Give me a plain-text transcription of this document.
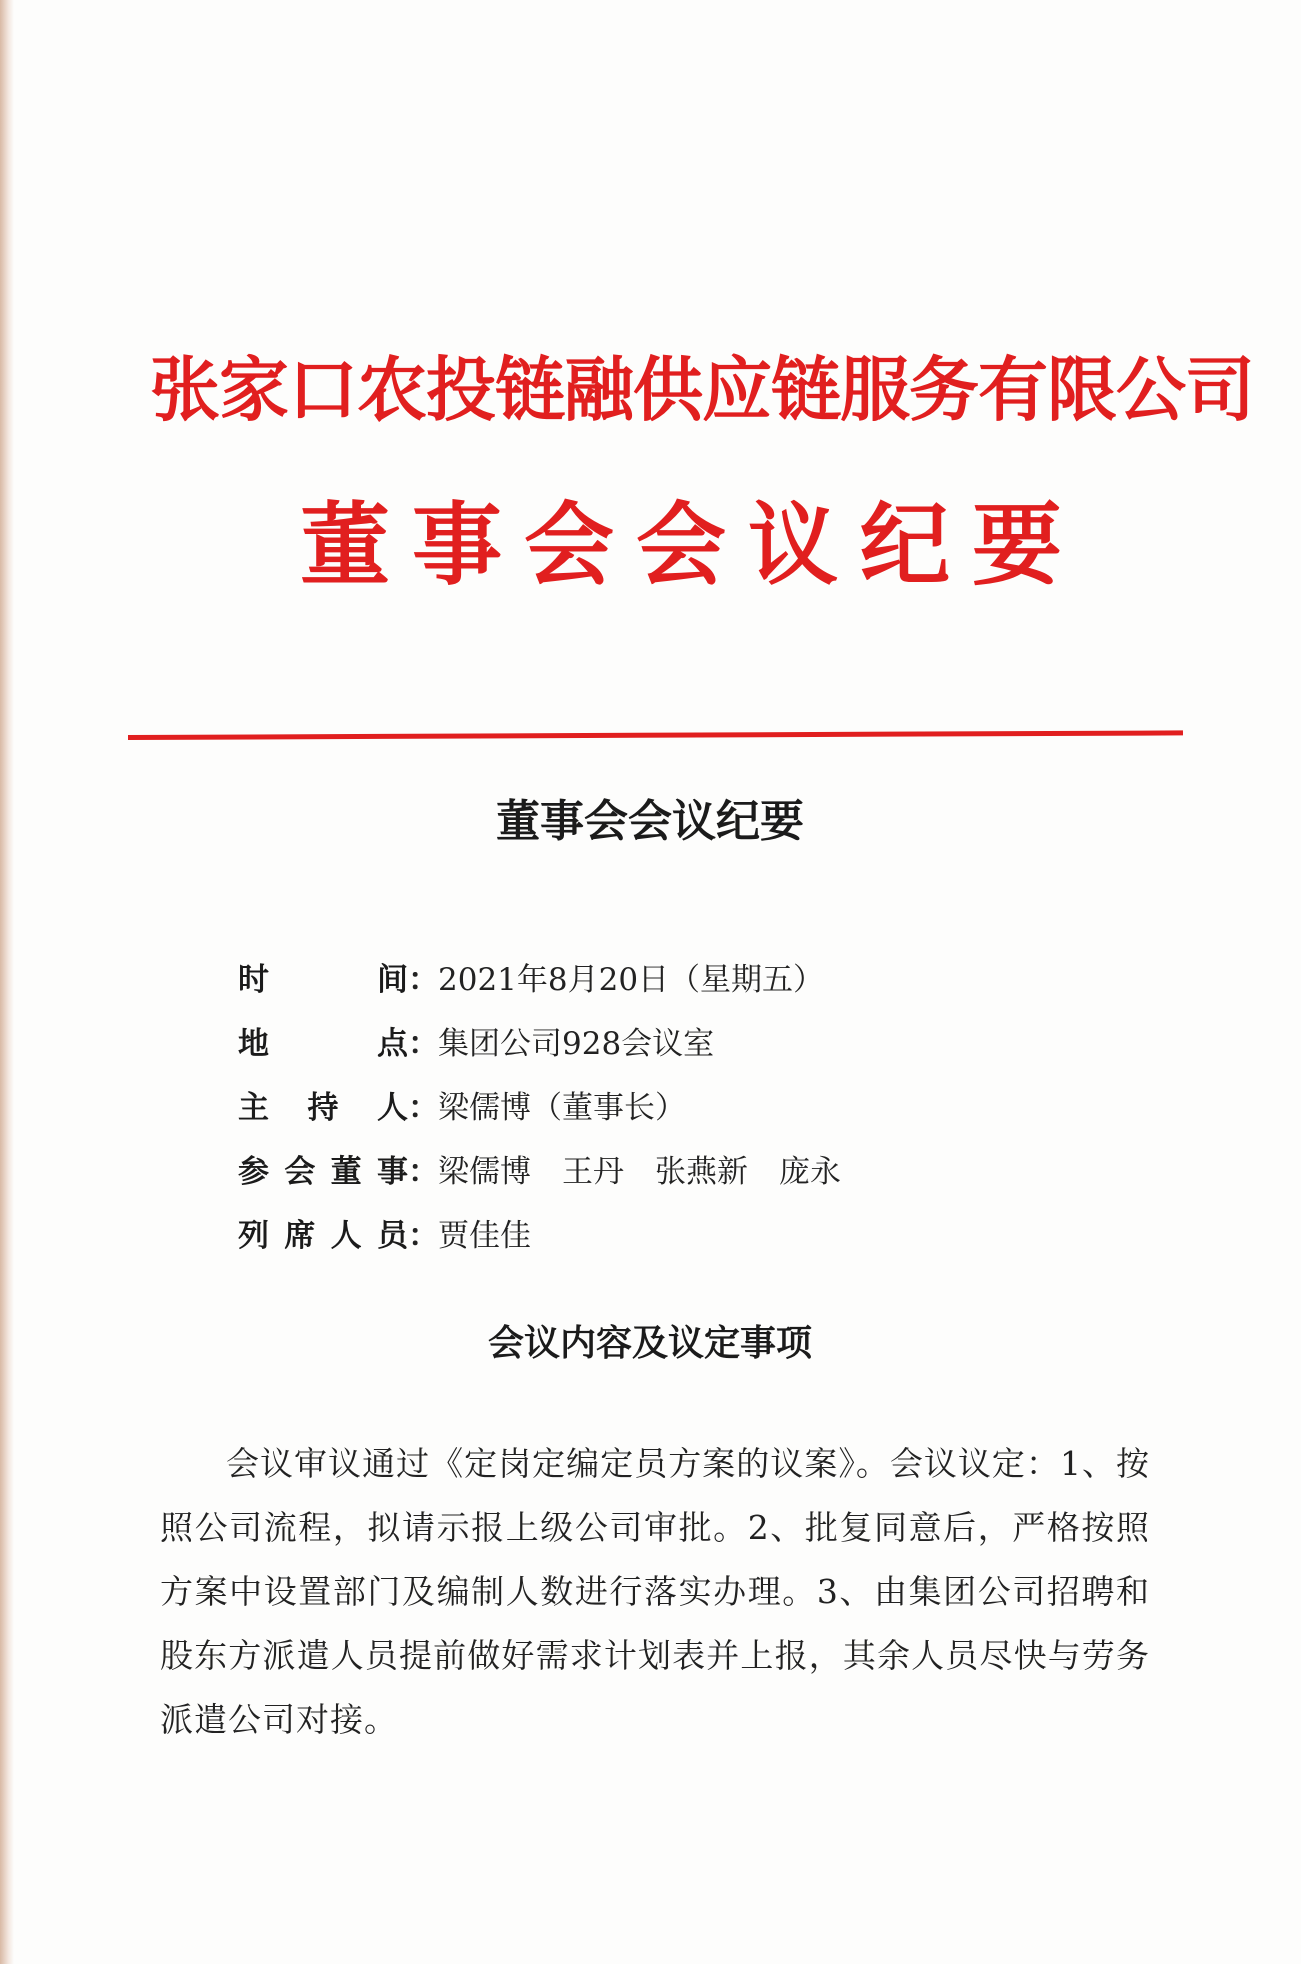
张家口农投链融供应链服务有限公司
董事会会议纪要
董事会会议纪要
时间 ： 2021年8月20日（星期五）
地点 ： 集团公司928会议室
主持人 ： 梁儒博（董事长）
参会董事 ： 梁儒博　王丹　张燕新　庞永
列席人员 ： 贾佳佳
会议内容及议定事项
会议审议通过《定岗定编定员方案的议案》。会议议定：1、按照公司流程，拟请示报上级公司审批。2、批复同意后，严格按照方案中设置部门及编制人数进行落实办理。3、由集团公司招聘和股东方派遣人员提前做好需求计划表并上报，其余人员尽快与劳务派遣公司对接。
